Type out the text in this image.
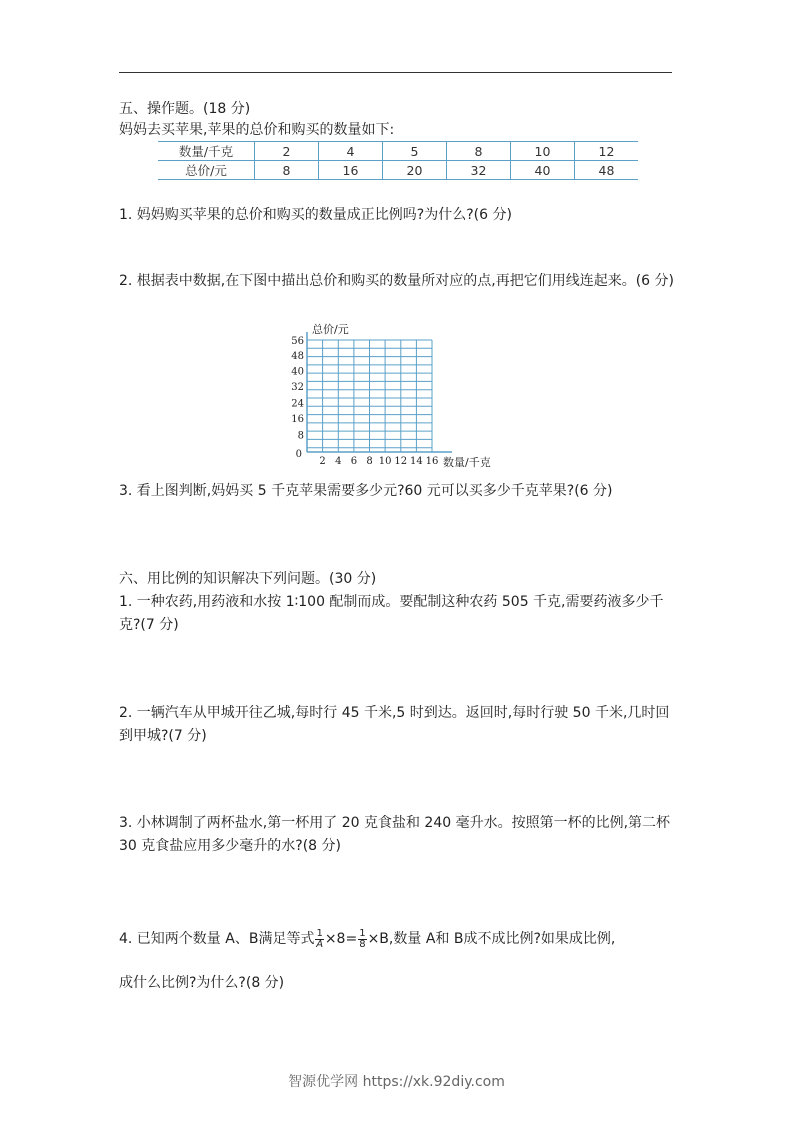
五、操作题。(18 分)
妈妈去买苹果,苹果的总价和购买的数量如下:
数量/千克	2	4	5	8	10	12
总价/元	8	16	20	32	40	48
1. 妈妈购买苹果的总价和购买的数量成正比例吗?为什么?(6 分)
2. 根据表中数据,在下图中描出总价和购买的数量所对应的点,再把它们用线连起来。(6 分)
总价/元
数量/千克
0
8
16
24
32
40
48
56
2 4 6 8 10 12 14 16
3. 看上图判断,妈妈买 5 千克苹果需要多少元?60 元可以买多少千克苹果?(6 分)
六、用比例的知识解决下列问题。(30 分)
1. 一种农药,用药液和水按 1∶100 配制而成。要配制这种农药 505 千克,需要药液多少千克?(7 分)
2. 一辆汽车从甲城开往乙城,每时行 45 千米,5 时到达。返回时,每时行驶 50 千米,几时回到甲城?(7 分)
3. 小林调制了两杯盐水,第一杯用了 20 克食盐和 240 毫升水。按照第一杯的比例,第二杯 30 克食盐应用多少毫升的水?(8 分)
4. 已知两个数量 A、B满足等式 $\frac{1}{A} \times 8= \frac{1}{8} \times B$,数量 A和 B成不成比例?如果成比例,
成什么比例?为什么?(8 分)
智源优学网 https://xk.92diy.com
